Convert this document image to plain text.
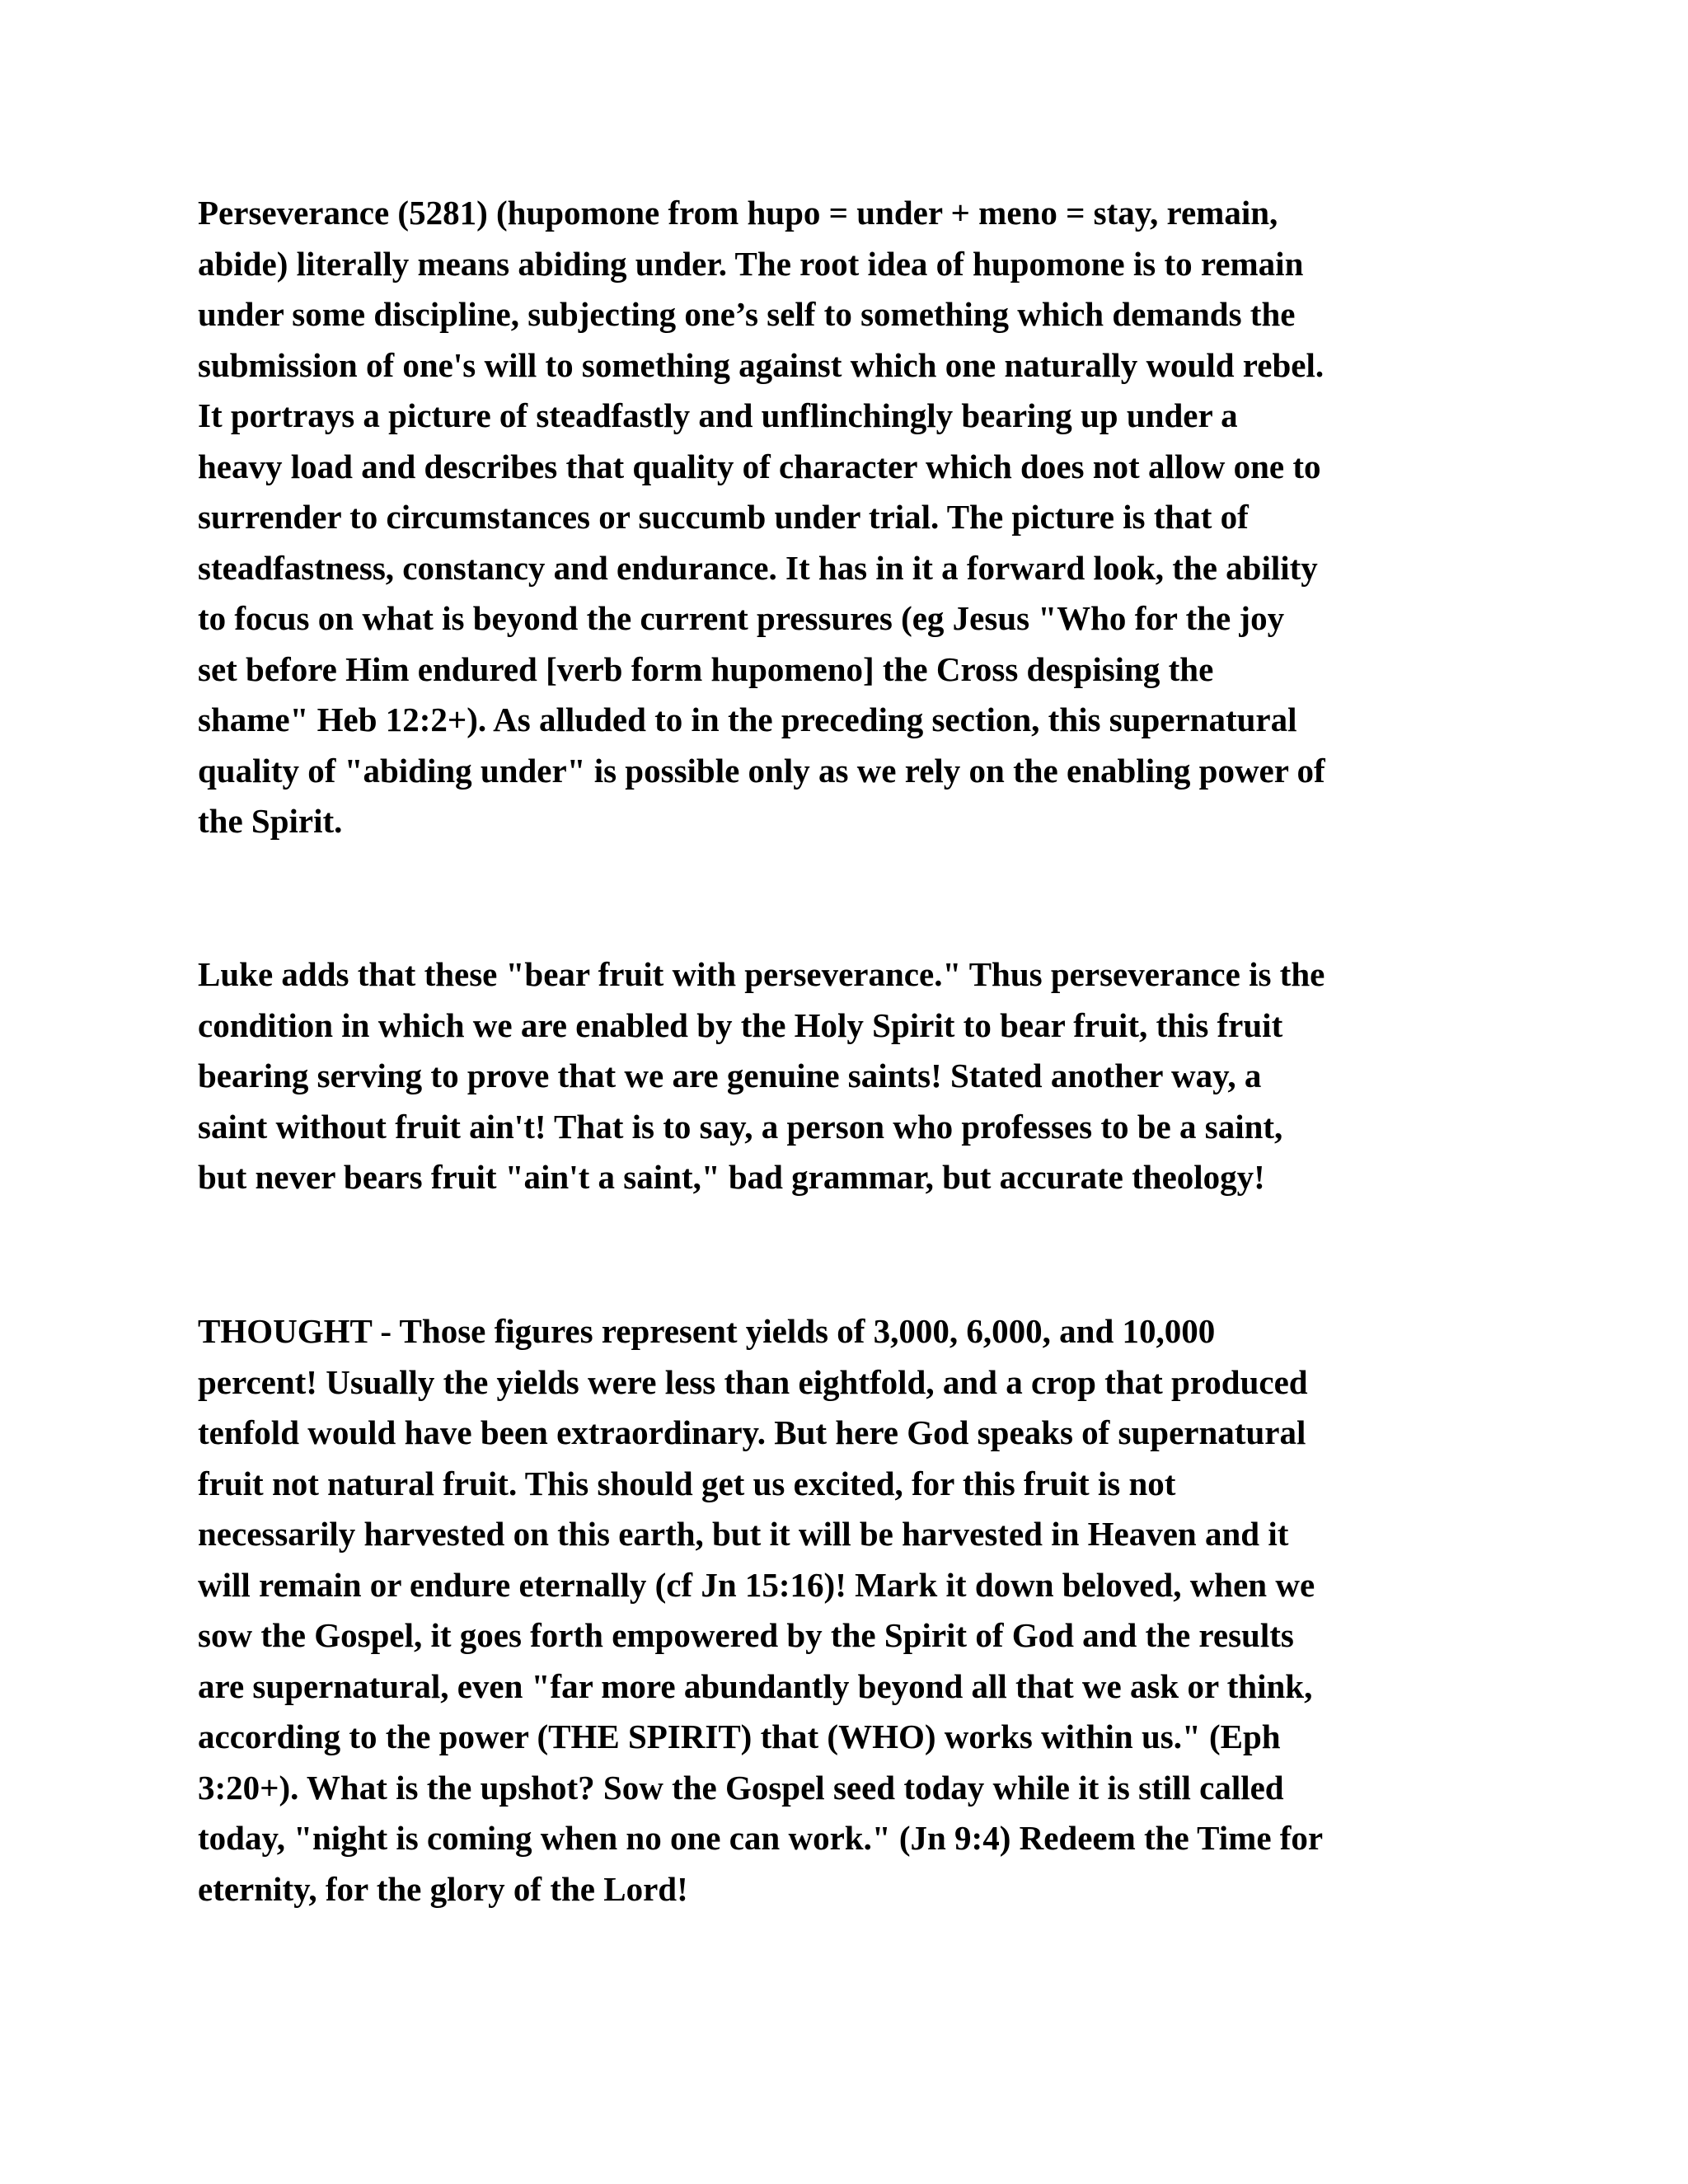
Perseverance (5281) (hupomone from hupo = under + meno = stay, remain,
abide) literally means abiding under. The root idea of hupomone is to remain
under some discipline, subjecting one’s self to something which demands the
submission of one's will to something against which one naturally would rebel.
It portrays a picture of steadfastly and unflinchingly bearing up under a
heavy load and describes that quality of character which does not allow one to
surrender to circumstances or succumb under trial. The picture is that of
steadfastness, constancy and endurance. It has in it a forward look, the ability
to focus on what is beyond the current pressures (eg Jesus "Who for the joy
set before Him endured [verb form hupomeno] the Cross despising the
shame" Heb 12:2+). As alluded to in the preceding section, this supernatural
quality of "abiding under" is possible only as we rely on the enabling power of
the Spirit.

Luke adds that these "bear fruit with perseverance." Thus perseverance is the
condition in which we are enabled by the Holy Spirit to bear fruit, this fruit
bearing serving to prove that we are genuine saints! Stated another way, a
saint without fruit ain't! That is to say, a person who professes to be a saint,
but never bears fruit "ain't a saint," bad grammar, but accurate theology!

THOUGHT - Those figures represent yields of 3,000, 6,000, and 10,000
percent! Usually the yields were less than eightfold, and a crop that produced
tenfold would have been extraordinary. But here God speaks of supernatural
fruit not natural fruit. This should get us excited, for this fruit is not
necessarily harvested on this earth, but it will be harvested in Heaven and it
will remain or endure eternally (cf Jn 15:16)! Mark it down beloved, when we
sow the Gospel, it goes forth empowered by the Spirit of God and the results
are supernatural, even "far more abundantly beyond all that we ask or think,
according to the power (THE SPIRIT) that (WHO) works within us." (Eph
3:20+). What is the upshot? Sow the Gospel seed today while it is still called
today, "night is coming when no one can work." (Jn 9:4) Redeem the Time for
eternity, for the glory of the Lord!
